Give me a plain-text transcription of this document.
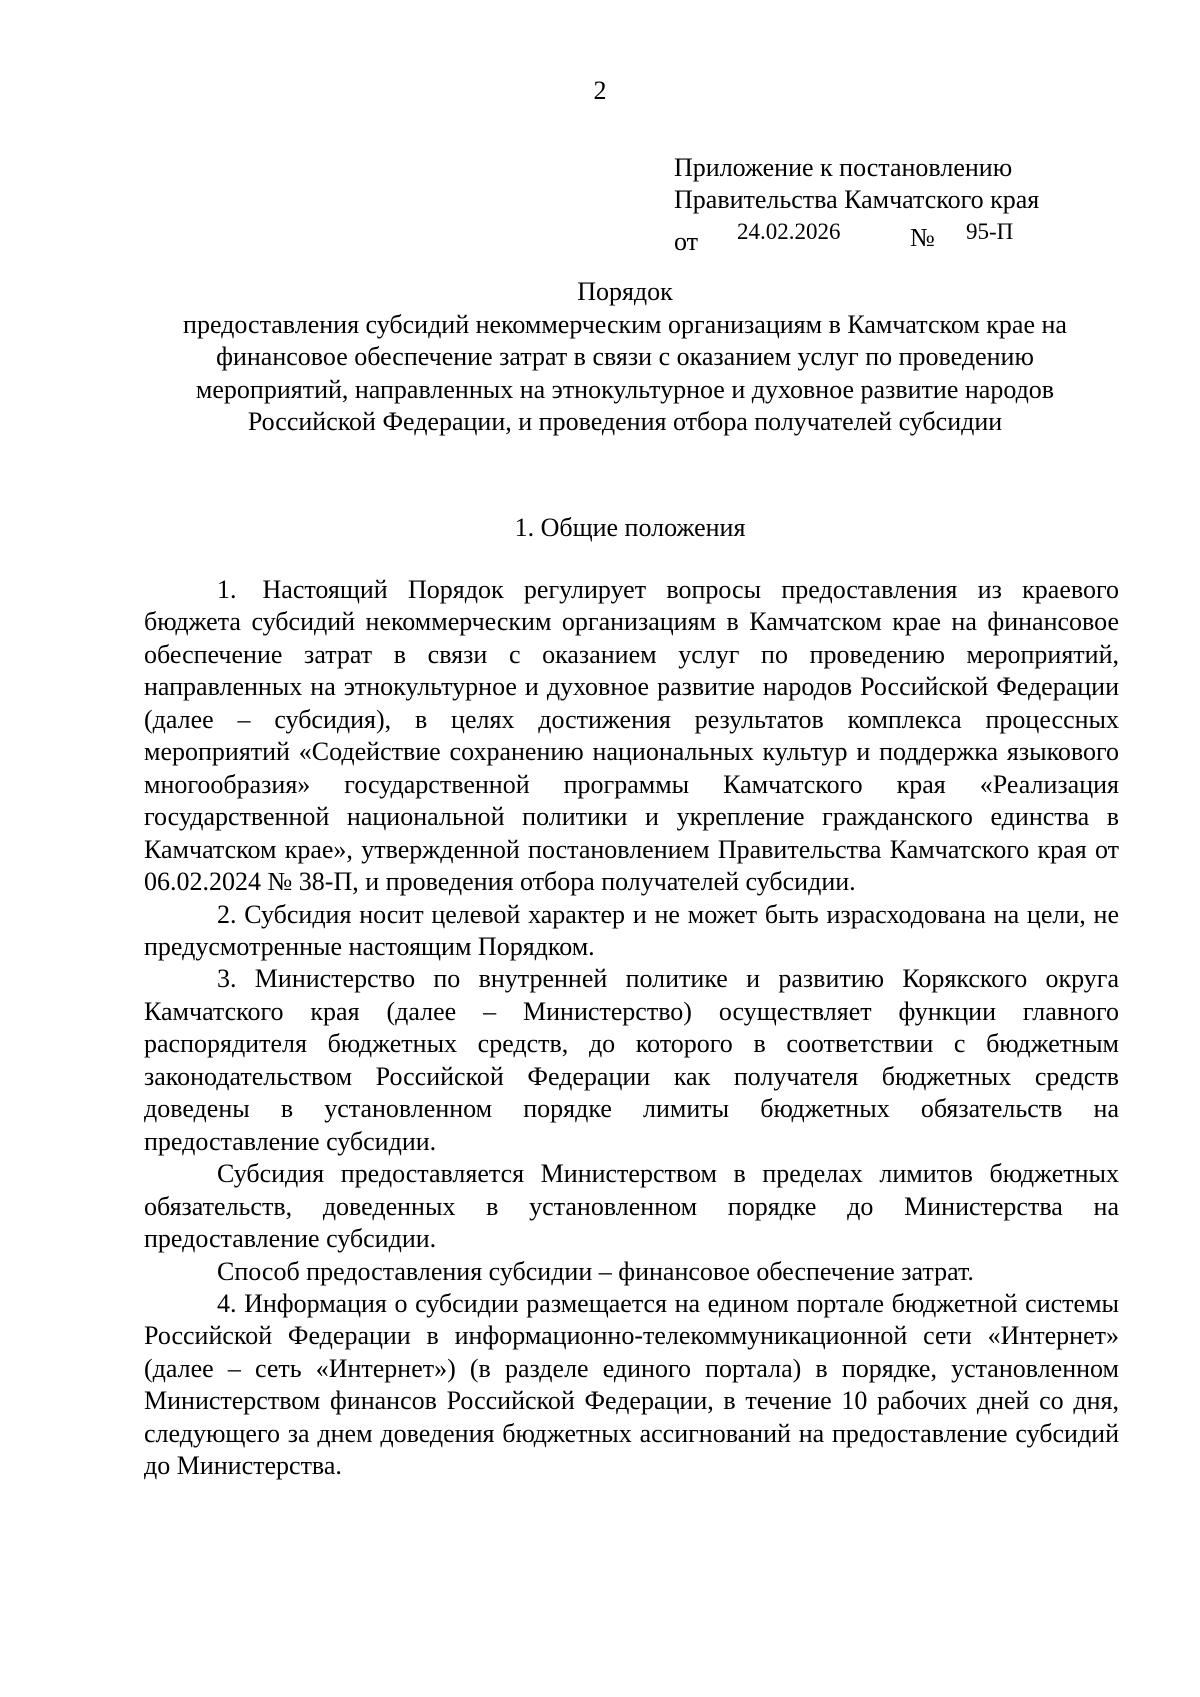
2
Приложение к постановлению
Правительства Камчатского края
от 24.02.2026	№ 95-П
Порядок
предоставления субсидий некоммерческим организациям в Камчатском крае на
финансовое обеспечение затрат в связи с оказанием услуг по проведению
мероприятий, направленных на этнокультурное и духовное развитие народов
Российской Федерации, и проведения отбора получателей субсидии
1. Общие положения

1. Настоящий Порядок регулирует вопросы предоставления из краевого бюджета субсидий некоммерческим организациям в Камчатском крае на финансовое обеспечение затрат в связи с оказанием услуг по проведению мероприятий, направленных на этнокультурное и духовное развитие народов Российской Федерации (далее – субсидия), в целях достижения результатов комплекса процессных мероприятий «Содействие сохранению национальных культур и поддержка языкового многообразия» государственной программы Камчатского края «Реализация государственной национальной политики и укрепление гражданского единства в Камчатском крае», утвержденной постановлением Правительства Камчатского края от 06.02.2024 № 38-П, и проведения отбора получателей субсидии.

2. Субсидия носит целевой характер и не может быть израсходована на цели, не предусмотренные настоящим Порядком.

3. Министерство по внутренней политике и развитию Корякского округа Камчатского края (далее – Министерство) осуществляет функции главного распорядителя бюджетных средств, до которого в соответствии с бюджетным законодательством Российской Федерации как получателя бюджетных средств доведены в установленном порядке лимиты бюджетных обязательств на предоставление субсидии.

Субсидия предоставляется Министерством в пределах лимитов бюджетных обязательств, доведенных в установленном порядке до Министерства на предоставление субсидии.

Способ предоставления субсидии – финансовое обеспечение затрат.

4. Информация о субсидии размещается на едином портале бюджетной системы Российской Федерации в информационно-телекоммуникационной сети «Интернет» (далее – сеть «Интернет») (в разделе единого портала) в порядке, установленном Министерством финансов Российской Федерации, в течение 10 рабочих дней со дня, следующего за днем доведения бюджетных ассигнований на предоставление субсидий до Министерства.
